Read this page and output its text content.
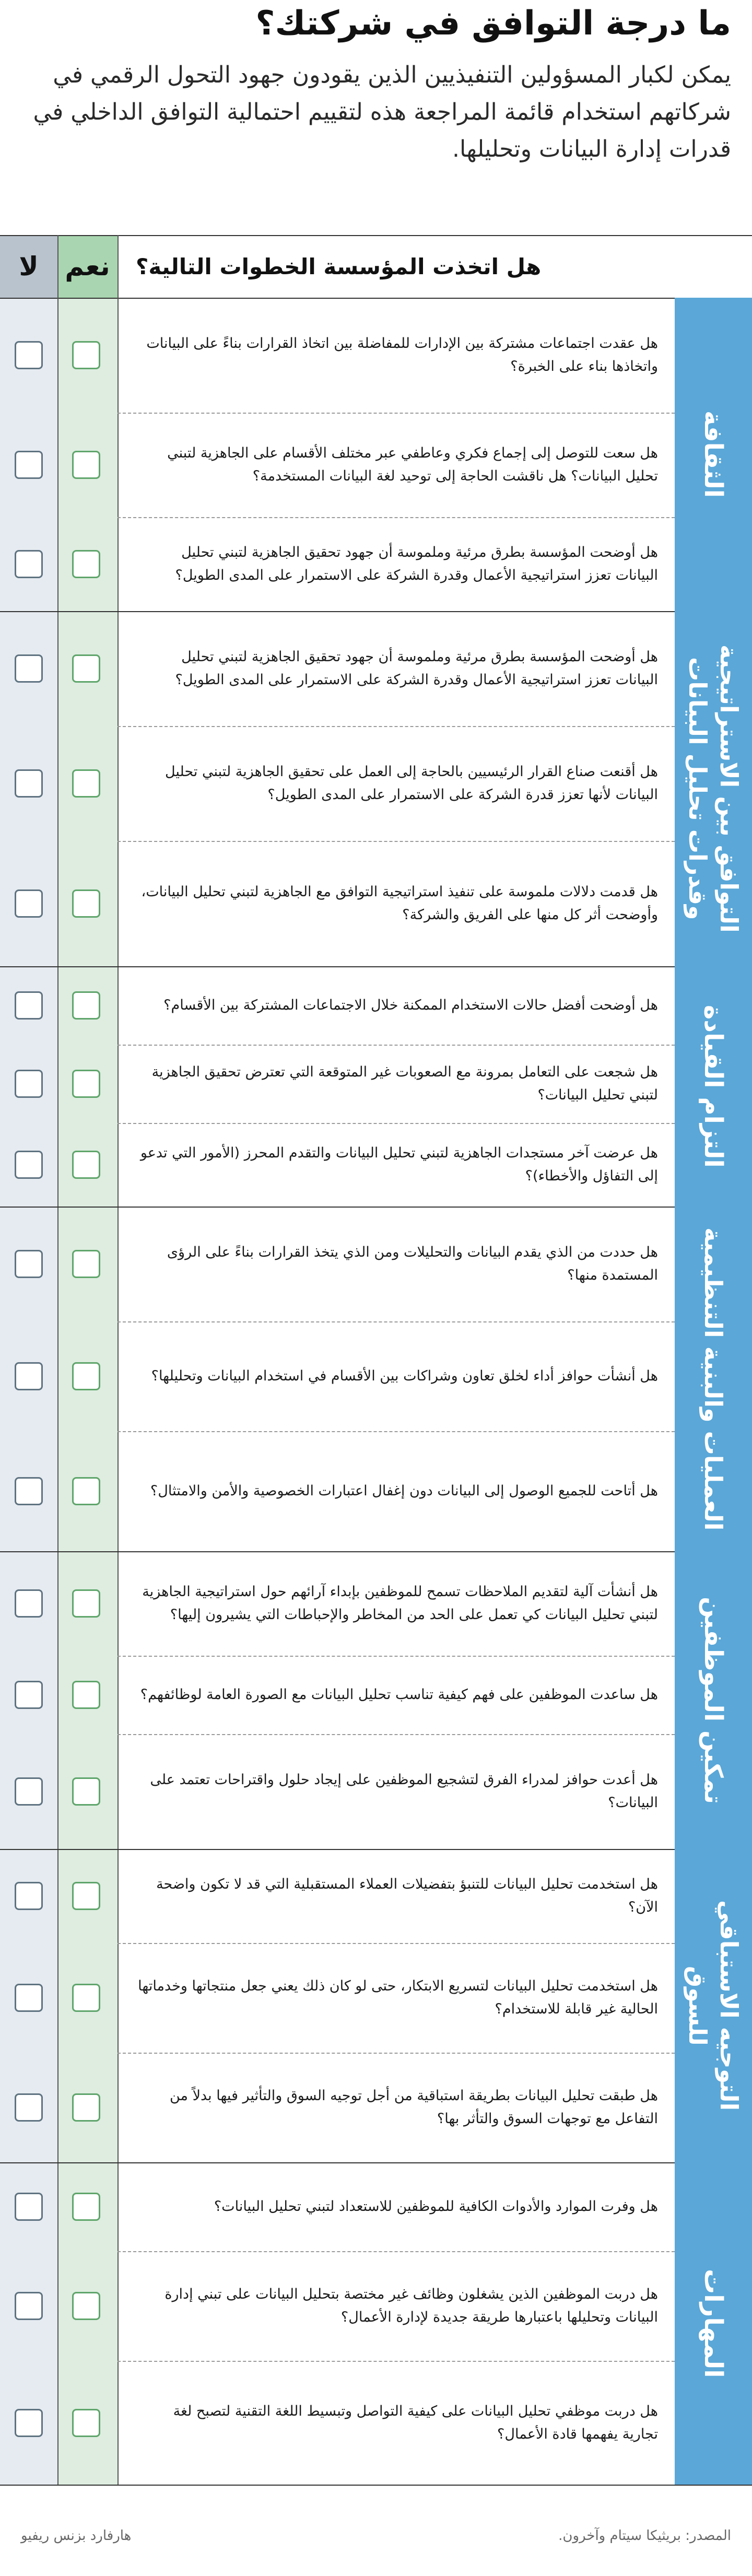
ما درجة التوافق في شركتك؟
يمكن لكبار المسؤولين التنفيذيين الذين يقودون جهود التحول الرقمي في شركاتهم استخدام قائمة المراجعة هذه لتقييم احتمالية التوافق الداخلي في قدرات إدارة البيانات وتحليلها.
لا	نعم	هل اتخذت المؤسسة الخطوات التالية؟
الثقافة
هل عقدت اجتماعات مشتركة بين الإدارات للمفاضلة بين اتخاذ القرارات بناءً على البيانات واتخاذها بناء على الخبرة؟
هل سعت للتوصل إلى إجماع فكري وعاطفي عبر مختلف الأقسام على الجاهزية لتبني تحليل البيانات؟ هل ناقشت الحاجة إلى توحيد لغة البيانات المستخدمة؟
هل أوضحت المؤسسة بطرق مرئية وملموسة أن جهود تحقيق الجاهزية لتبني تحليل البيانات تعزز استراتيجية الأعمال وقدرة الشركة على الاستمرار على المدى الطويل؟
التوافق بين الاستراتيجية وقدرات تحليل البيانات
هل أوضحت المؤسسة بطرق مرئية وملموسة أن جهود تحقيق الجاهزية لتبني تحليل البيانات تعزز استراتيجية الأعمال وقدرة الشركة على الاستمرار على المدى الطويل؟
هل أقنعت صناع القرار الرئيسيين بالحاجة إلى العمل على تحقيق الجاهزية لتبني تحليل البيانات لأنها تعزز قدرة الشركة على الاستمرار على المدى الطويل؟
هل قدمت دلالات ملموسة على تنفيذ استراتيجية التوافق مع الجاهزية لتبني تحليل البيانات، وأوضحت أثر كل منها على الفريق والشركة؟
التزام القيادة
هل أوضحت أفضل حالات الاستخدام الممكنة خلال الاجتماعات المشتركة بين الأقسام؟
هل شجعت على التعامل بمرونة مع الصعوبات غير المتوقعة التي تعترض تحقيق الجاهزية لتبني تحليل البيانات؟
هل عرضت آخر مستجدات الجاهزية لتبني تحليل البيانات والتقدم المحرز (الأمور التي تدعو إلى التفاؤل والأخطاء)؟
العمليات والبنية التنظيمية
هل حددت من الذي يقدم البيانات والتحليلات ومن الذي يتخذ القرارات بناءً على الرؤى المستمدة منها؟
هل أنشأت حوافز أداء لخلق تعاون وشراكات بين الأقسام في استخدام البيانات وتحليلها؟
هل أتاحت للجميع الوصول إلى البيانات دون إغفال اعتبارات الخصوصية والأمن والامتثال؟
تمكين الموظفين
هل أنشأت آلية لتقديم الملاحظات تسمح للموظفين بإبداء آرائهم حول استراتيجية الجاهزية لتبني تحليل البيانات كي تعمل على الحد من المخاطر والإحباطات التي يشيرون إليها؟
هل ساعدت الموظفين على فهم كيفية تناسب تحليل البيانات مع الصورة العامة لوظائفهم؟
هل أعدت حوافز لمدراء الفرق لتشجيع الموظفين على إيجاد حلول واقتراحات تعتمد على البيانات؟
التوجيه الاستباقي للسوق
هل استخدمت تحليل البيانات للتنبؤ بتفضيلات العملاء المستقبلية التي قد لا تكون واضحة الآن؟
هل استخدمت تحليل البيانات لتسريع الابتكار، حتى لو كان ذلك يعني جعل منتجاتها وخدماتها الحالية غير قابلة للاستخدام؟
هل طبقت تحليل البيانات بطريقة استباقية من أجل توجيه السوق والتأثير فيها بدلاً من التفاعل مع توجهات السوق والتأثر بها؟
المهارات
هل وفرت الموارد والأدوات الكافية للموظفين للاستعداد لتبني تحليل البيانات؟
هل دربت الموظفين الذين يشغلون وظائف غير مختصة بتحليل البيانات على تبني إدارة البيانات وتحليلها باعتبارها طريقة جديدة لإدارة الأعمال؟
هل دربت موظفي تحليل البيانات على كيفية التواصل وتبسيط اللغة التقنية لتصبح لغة تجارية يفهمها قادة الأعمال؟
هارفارد بزنس ريفيو	المصدر: بريثيكا سيتام وآخرون.
